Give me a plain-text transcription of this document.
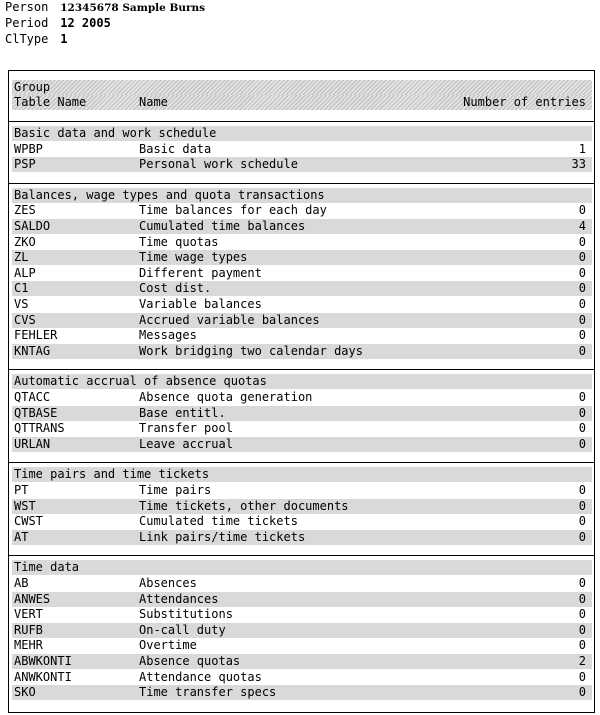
Person 12345678 Sample Burns
Period 12 2005
ClType 1
Group
Table Name	Name	Number of entries
Basic data and work schedule
WPBP	Basic data	1
PSP	Personal work schedule	33
Balances, wage types and quota transactions
ZES	Time balances for each day	0
SALDO	Cumulated time balances	4
ZKO	Time quotas	0
ZL	Time wage types	0
ALP	Different payment	0
C1	Cost dist.	0
VS	Variable balances	0
CVS	Accrued variable balances	0
FEHLER	Messages	0
KNTAG	Work bridging two calendar days	0
Automatic accrual of absence quotas
QTACC	Absence quota generation	0
QTBASE	Base entitl.	0
QTTRANS	Transfer pool	0
URLAN	Leave accrual	0
Time pairs and time tickets
PT	Time pairs	0
WST	Time tickets, other documents	0
CWST	Cumulated time tickets	0
AT	Link pairs/time tickets	0
Time data
AB	Absences	0
ANWES	Attendances	0
VERT	Substitutions	0
RUFB	On-call duty	0
MEHR	Overtime	0
ABWKONTI	Absence quotas	2
ANWKONTI	Attendance quotas	0
SKO	Time transfer specs	0
